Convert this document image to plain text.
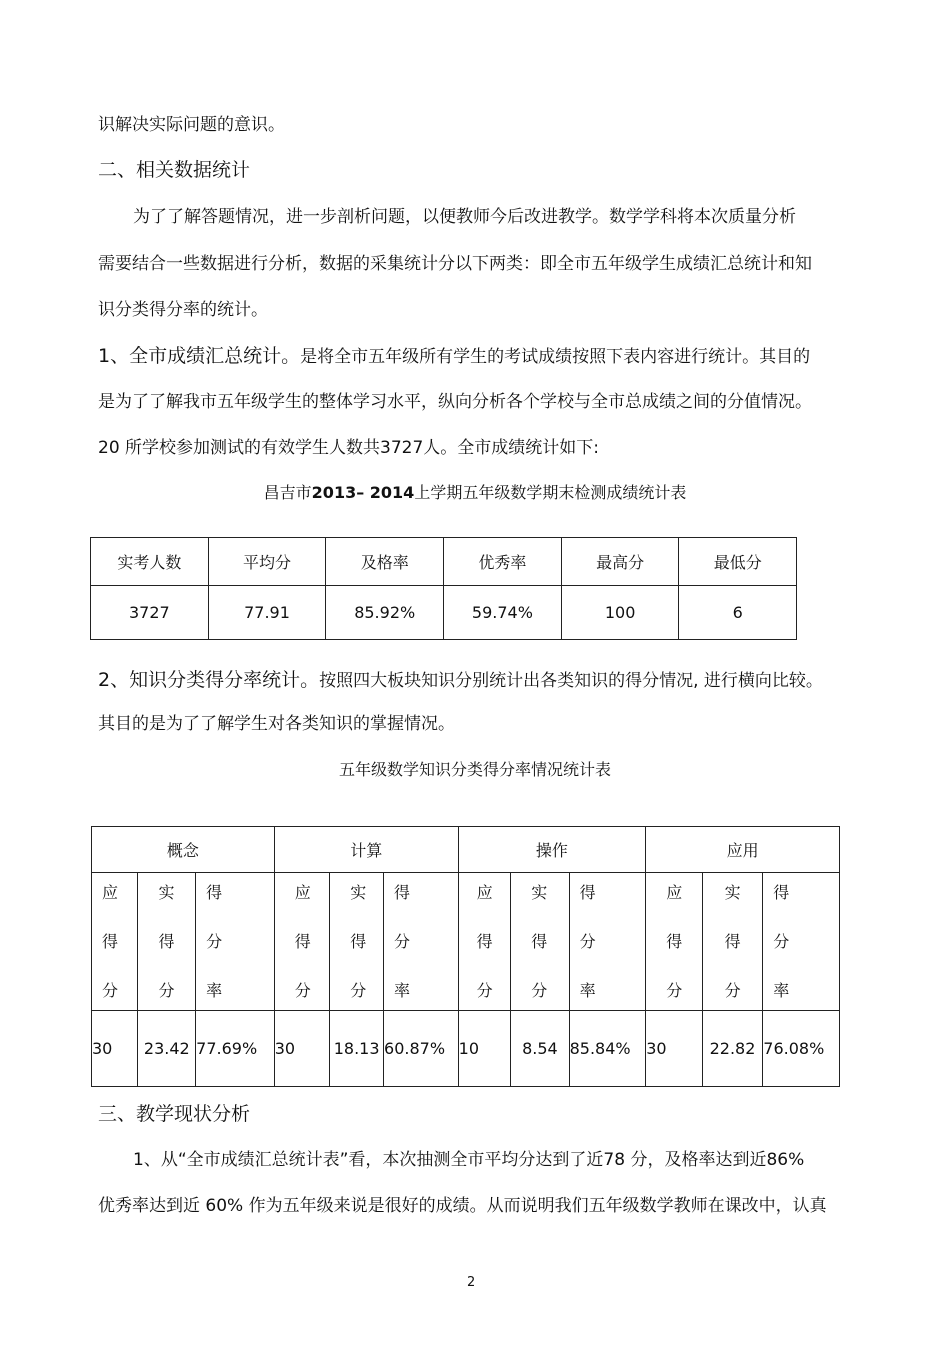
识解决实际问题的意识。
二、相关数据统计
为了了解答题情况，进一步剖析问题，以便教师今后改进教学。数学学科将本次质量分析
需要结合一些数据进行分析，数据的采集统计分以下两类：即全市五年级学生成绩汇总统计和知
识分类得分率的统计。
1、全市成绩汇总统计。是将全市五年级所有学生的考试成绩按照下表内容进行统计。其目的
是为了了解我市五年级学生的整体学习水平，纵向分析各个学校与全市总成绩之间的分值情况。
20 所学校参加测试的有效学生人数共3727人。全市成绩统计如下:
昌吉市2013– 2014上学期五年级数学期末检测成绩统计表
实考人数	平均分	及格率	优秀率	最高分	最低分
3727	77.91	85.92%	59.74%	100	6
2、知识分类得分率统计。按照四大板块知识分别统计出各类知识的得分情况, 进行横向比较。
其目的是为了了解学生对各类知识的掌握情况。
五年级数学知识分类得分率情况统计表
概念			计算			操作			应用		

应
得
分	实
得
分	得
分
率	应
得
分	实
得
分	得
分
率	应
得
分	实
得
分	得
分
率	应
得
分	实
得
分	得
分
率

30	23.42	77.69%	30	18.13	60.87%	10	8.54	85.84%	30	22.82	76.08%
三、教学现状分析
1、从“全市成绩汇总统计表”看，本次抽测全市平均分达到了近78 分，及格率达到近86%
优秀率达到近 60% 作为五年级来说是很好的成绩。从而说明我们五年级数学教师在课改中，认真
2
